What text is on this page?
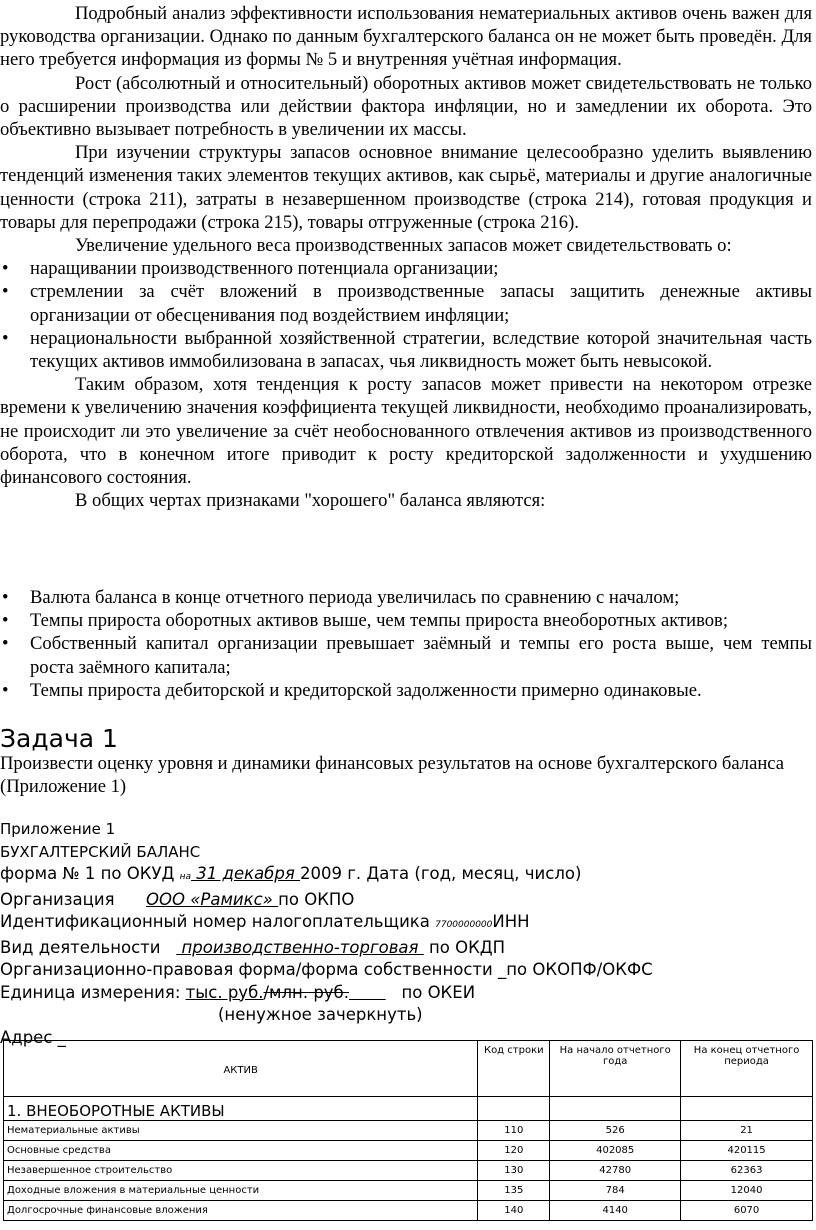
Подробный анализ эффективности использования нематериальных активов очень важен для руководства организации. Однако по данным бухгалтерского баланса он не может быть проведён. Для него требуется информация из формы № 5 и внутренняя учётная информация.

Рост (абсолютный и относительный) оборотных активов может свидетельствовать не только о расширении производства или действии фактора инфляции, но и замедлении их оборота. Это объективно вызывает потребность в увеличении их массы.

При изучении структуры запасов основное внимание целесообразно уделить выявлению тенденций изменения таких элементов текущих активов, как сырьё, материалы и другие аналогичные ценности (строка 211), затраты в незавершенном производстве (строка 214), готовая продукция и товары для перепродажи (строка 215), товары отгруженные (строка 216).

Увеличение удельного веса производственных запасов может свидетельствовать о:

• наращивании производственного потенциала организации;
• стремлении за счёт вложений в производственные запасы защитить денежные активы организации от обесценивания под воздействием инфляции;
• нерациональности выбранной хозяйственной стратегии, вследствие которой значительная часть текущих активов иммобилизована в запасах, чья ликвидность может быть невысокой.

Таким образом, хотя тенденция к росту запасов может привести на некотором отрезке времени к увеличению значения коэффициента текущей ликвидности, необходимо проанализировать, не происходит ли это увеличение за счёт необоснованного отвлечения активов из производственного оборота, что в конечном итоге приводит к росту кредиторской задолженности и ухудшению финансового состояния.

В общих чертах признаками "хорошего" баланса являются:

• Валюта баланса в конце отчетного периода увеличилась по сравнению с началом;
• Темпы прироста оборотных активов выше, чем темпы прироста внеоборотных активов;
• Собственный капитал организации превышает заёмный и темпы его роста выше, чем темпы роста заёмного капитала;
• Темпы прироста дебиторской и кредиторской задолженности примерно одинаковые.
Задача 1
Произвести оценку уровня и динамики финансовых результатов на основе бухгалтерского баланса (Приложение 1)
Приложение 1
БУХГАЛТЕРСКИЙ БАЛАНС
форма № 1 по ОКУД на 31 декабря 2009 г. Дата (год, месяц, число)
Организация      ООО «Рамикс» по ОКПО
Идентификационный номер налогоплательщика 7700000000ИНН
Вид деятельности    производственно-торговая  по ОКДП
Организационно-правовая форма/форма собственности _по ОКОПФ/ОКФС
Единица измерения: тыс. руб./млн. руб.          по ОКЕИ
(ненужное зачеркнуть)
Адрес _
АКТИВ	Код строки	На начало отчетного года	На конец отчетного периода
1. ВНЕОБОРОТНЫЕ АКТИВЫ			
Нематериальные активы	110	526	21
Основные средства	120	402085	420115
Незавершенное строительство	130	42780	62363
Доходные вложения в материальные ценности	135	784	12040
Долгосрочные финансовые вложения	140	4140	6070
